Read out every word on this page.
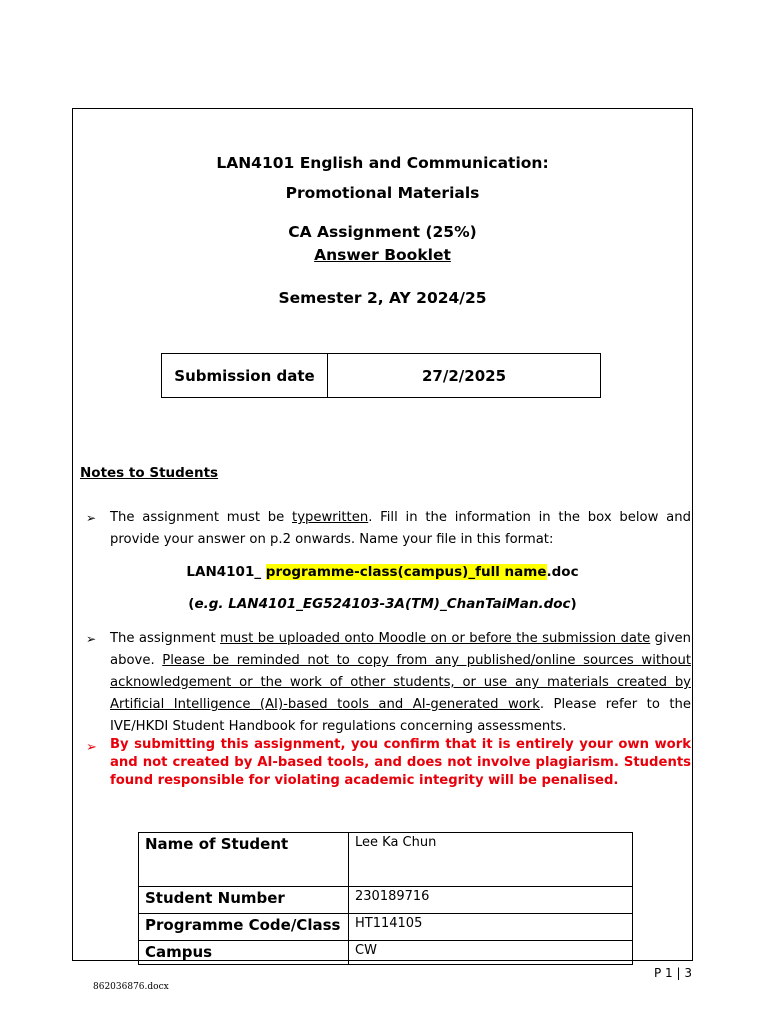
LAN4101 English and Communication:
Promotional Materials
CA Assignment (25%)
Answer Booklet
Semester 2, AY 2024/25
Submission date	27/2/2025
Notes to Students
➢ The assignment must be typewritten. Fill in the information in the box below and provide your answer on p.2 onwards. Name your file in this format:
LAN4101_ programme-class(campus)_full name.doc
(e.g. LAN4101_EG524103-3A(TM)_ChanTaiMan.doc)
➢ The assignment must be uploaded onto Moodle on or before the submission date given above. Please be reminded not to copy from any published/online sources without acknowledgement or the work of other students, or use any materials created by Artificial Intelligence (AI)-based tools and AI-generated work. Please refer to the IVE/HKDI Student Handbook for regulations concerning assessments.
➢ By submitting this assignment, you confirm that it is entirely your own work and not created by AI-based tools, and does not involve plagiarism. Students found responsible for violating academic integrity will be penalised.
Name of Student	Lee Ka Chun
Student Number	230189716
Programme Code/Class	HT114105
Campus	CW
P 1 | 3
862036876.docx
